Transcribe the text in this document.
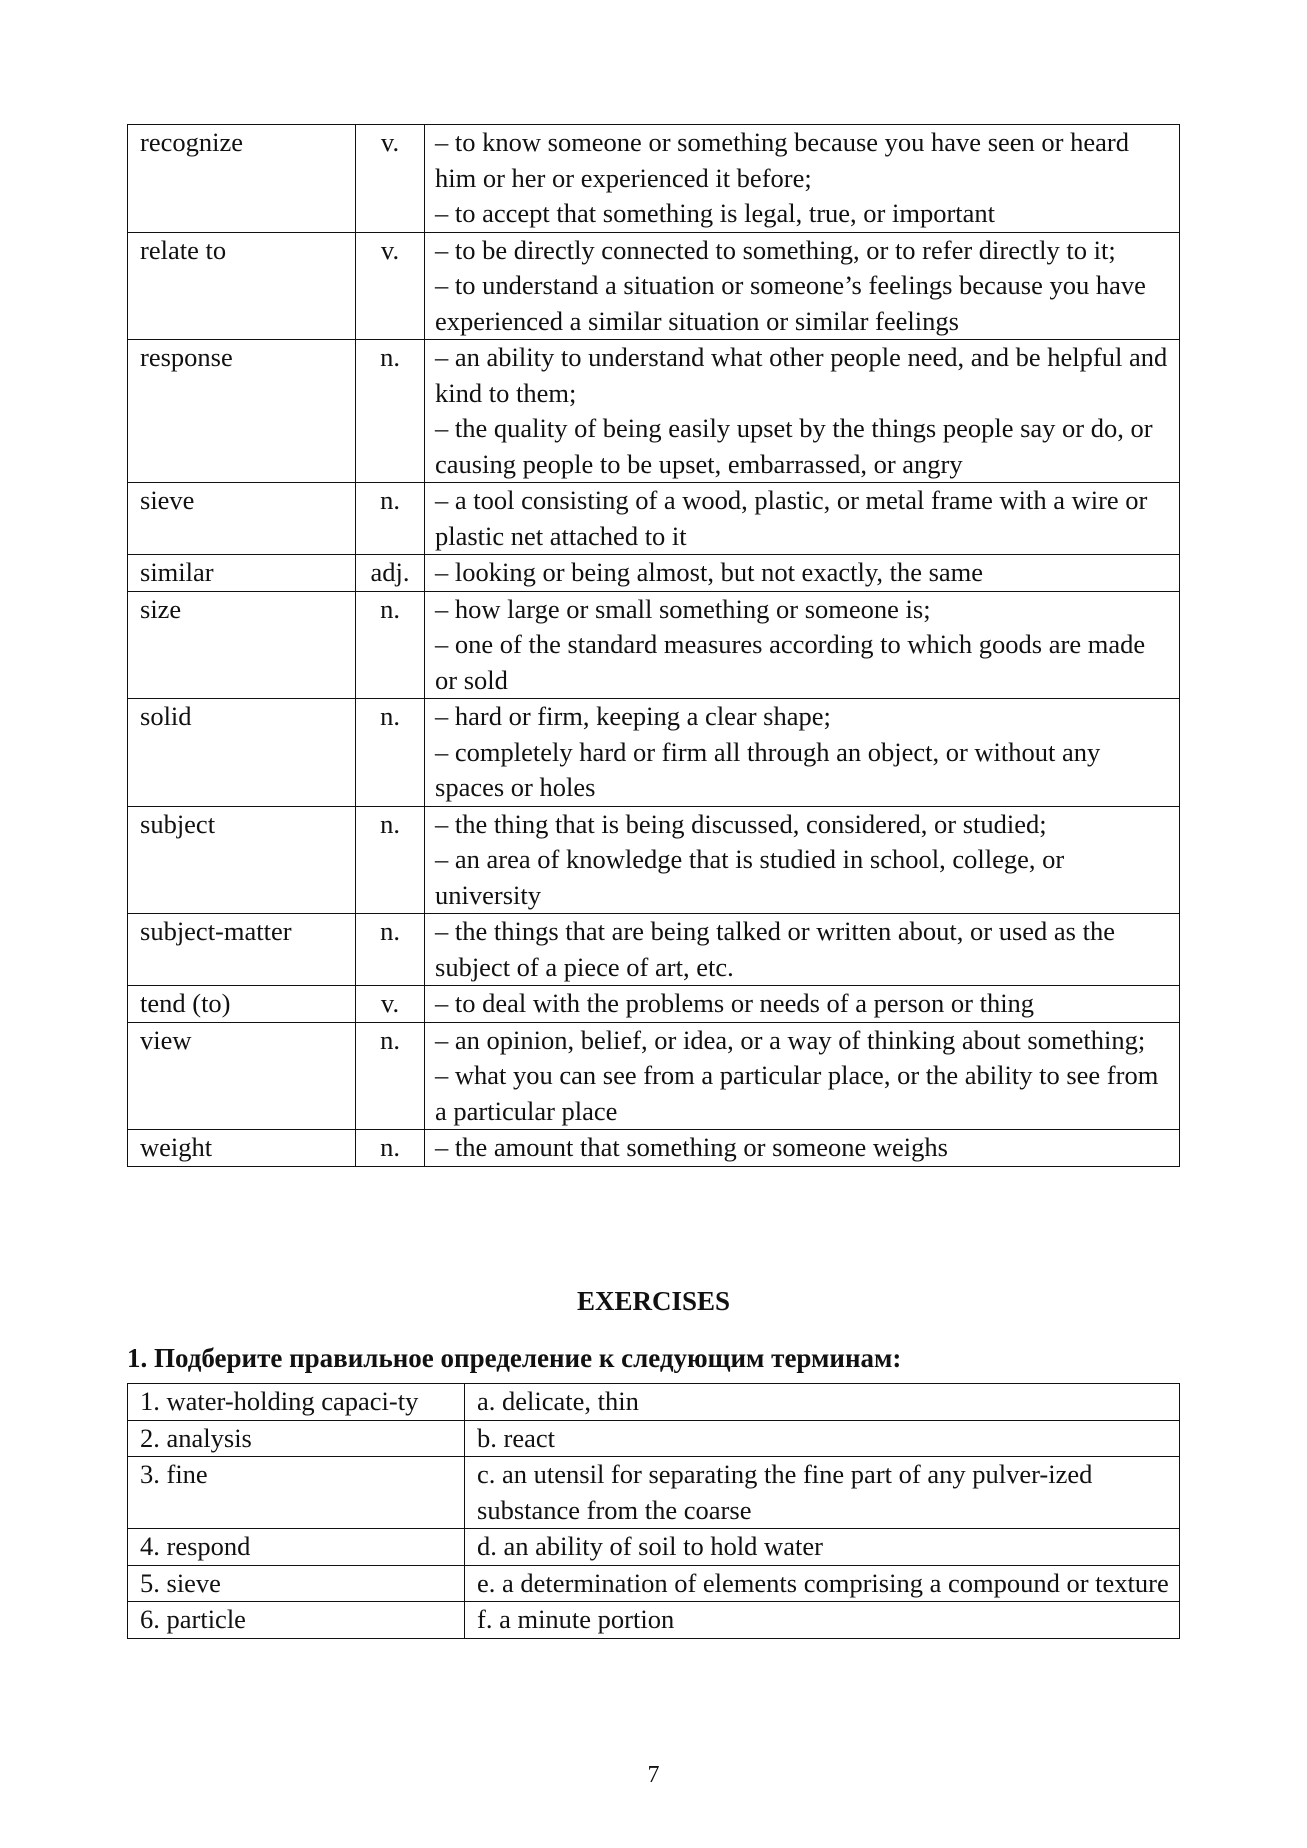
recognize	v.	– to know someone or something because you have seen or heard him or her or experienced it before;
– to accept that something is legal, true, or important

relate to	v.	– to be directly connected to something, or to refer directly to it;
– to understand a situation or someone’s feelings because you have experienced a similar situation or similar feelings

response	n.	– an ability to understand what other people need, and be helpful and kind to them;
– the quality of being easily upset by the things people say or do, or causing people to be upset, embarrassed, or angry

sieve	n.	– a tool consisting of a wood, plastic, or metal frame with a wire or plastic net attached to it

similar	adj.	– looking or being almost, but not exactly, the same

size	n.	– how large or small something or someone is;
– one of the standard measures according to which goods are made or sold

solid	n.	– hard or firm, keeping a clear shape;
– completely hard or firm all through an object, or without any spaces or holes

subject	n.	– the thing that is being discussed, considered, or studied;
– an area of knowledge that is studied in school, college, or university

subject-matter	n.	– the things that are being talked or written about, or used as the subject of a piece of art, etc.

tend (to)	v.	– to deal with the problems or needs of a person or thing

view	n.	– an opinion, belief, or idea, or a way of thinking about something;
– what you can see from a particular place, or the ability to see from a particular place

weight	n.	– the amount that something or someone weighs
EXERCISES

1. Подберите правильное определение к следующим терминам:

1. water-holding capaci-ty	a. delicate, thin
2. analysis	b. react
3. fine	c. an utensil for separating the fine part of any pulver-ized substance from the coarse
4. respond	d. an ability of soil to hold water
5. sieve	e. a determination of elements comprising a compound or texture
6. particle	f. a minute portion
7
